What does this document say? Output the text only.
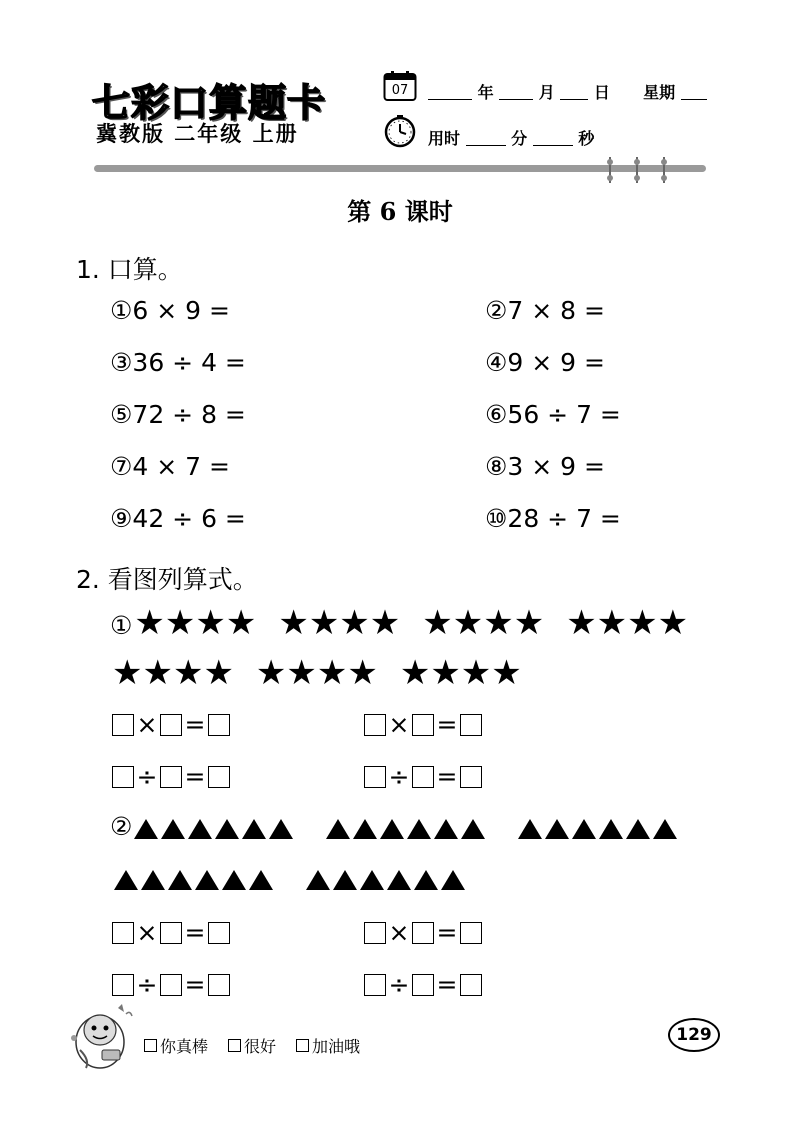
七彩口算题卡
冀教版 二年级 上册
07	年	月 日 星期
用时	分	秒
第 6 课时
1. 口算。
①6 × 9 =	②7 × 8 =
③36 ÷ 4 =	④9 × 9 =
⑤72 ÷ 8 =	⑥56 ÷ 7 =
⑦4 × 7 =	⑧3 × 9 =
⑨42 ÷ 6 =	⑩28 ÷ 7 =
2. 看图列算式。
①★★★★ ★★★★ ★★★★ ★★★★
★★★★ ★★★★ ★★★★
× =	× =
÷ =	÷ =
②
× =	× =
÷ =	÷ =
你真棒 很好 加油哦
129
